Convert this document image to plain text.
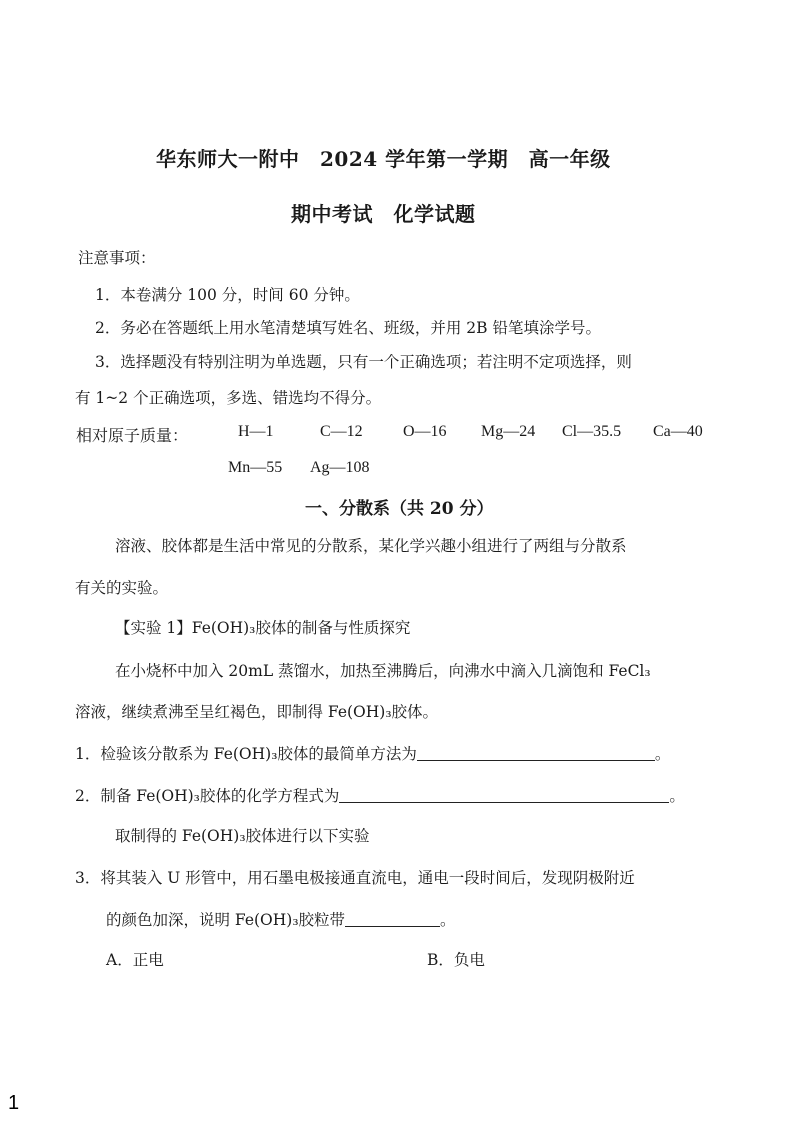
华东师大一附中　2024 学年第一学期　高一年级
期中考试　化学试题
注意事项：
1．本卷满分 100 分，时间 60 分钟。
2．务必在答题纸上用水笔清楚填写姓名、班级，并用 2B 铅笔填涂学号。
3．选择题没有特别注明为单选题，只有一个正确选项；若注明不定项选择，则
有 1~2 个正确选项，多选、错选均不得分。
相对原子质量：	H—1	C—12	O—16 Mg—24 Cl—35.5 Ca—40
Mn—55 Ag—108
一、分散系（共 20 分）
溶液、胶体都是生活中常见的分散系，某化学兴趣小组进行了两组与分散系
有关的实验。
【实验 1】Fe(OH)₃胶体的制备与性质探究
在小烧杯中加入 20mL 蒸馏水，加热至沸腾后，向沸水中滴入几滴饱和 FeCl₃
溶液，继续煮沸至呈红褐色，即制得 Fe(OH)₃胶体。
1．检验该分散系为 Fe(OH)₃胶体的最简单方法为	。
2．制备 Fe(OH)₃胶体的化学方程式为	。
取制得的 Fe(OH)₃胶体进行以下实验
3．将其装入 U 形管中，用石墨电极接通直流电，通电一段时间后，发现阴极附近
的颜色加深，说明 Fe(OH)₃胶粒带	。
A．正电	B．负电
1
